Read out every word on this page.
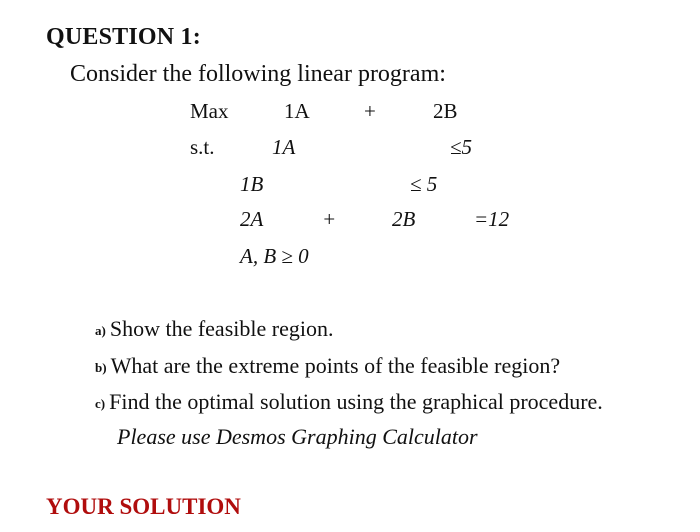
QUESTION 1:
Consider the following linear program:
Max	1A	+	2B
s.t.	1A	≤5
1B	≤ 5
2A	+	2B	=12
A, B ≥ 0
a) Show the feasible region.
b) What are the extreme points of the feasible region?
c) Find the optimal solution using the graphical procedure.
Please use Desmos Graphing Calculator
YOUR SOLUTION
